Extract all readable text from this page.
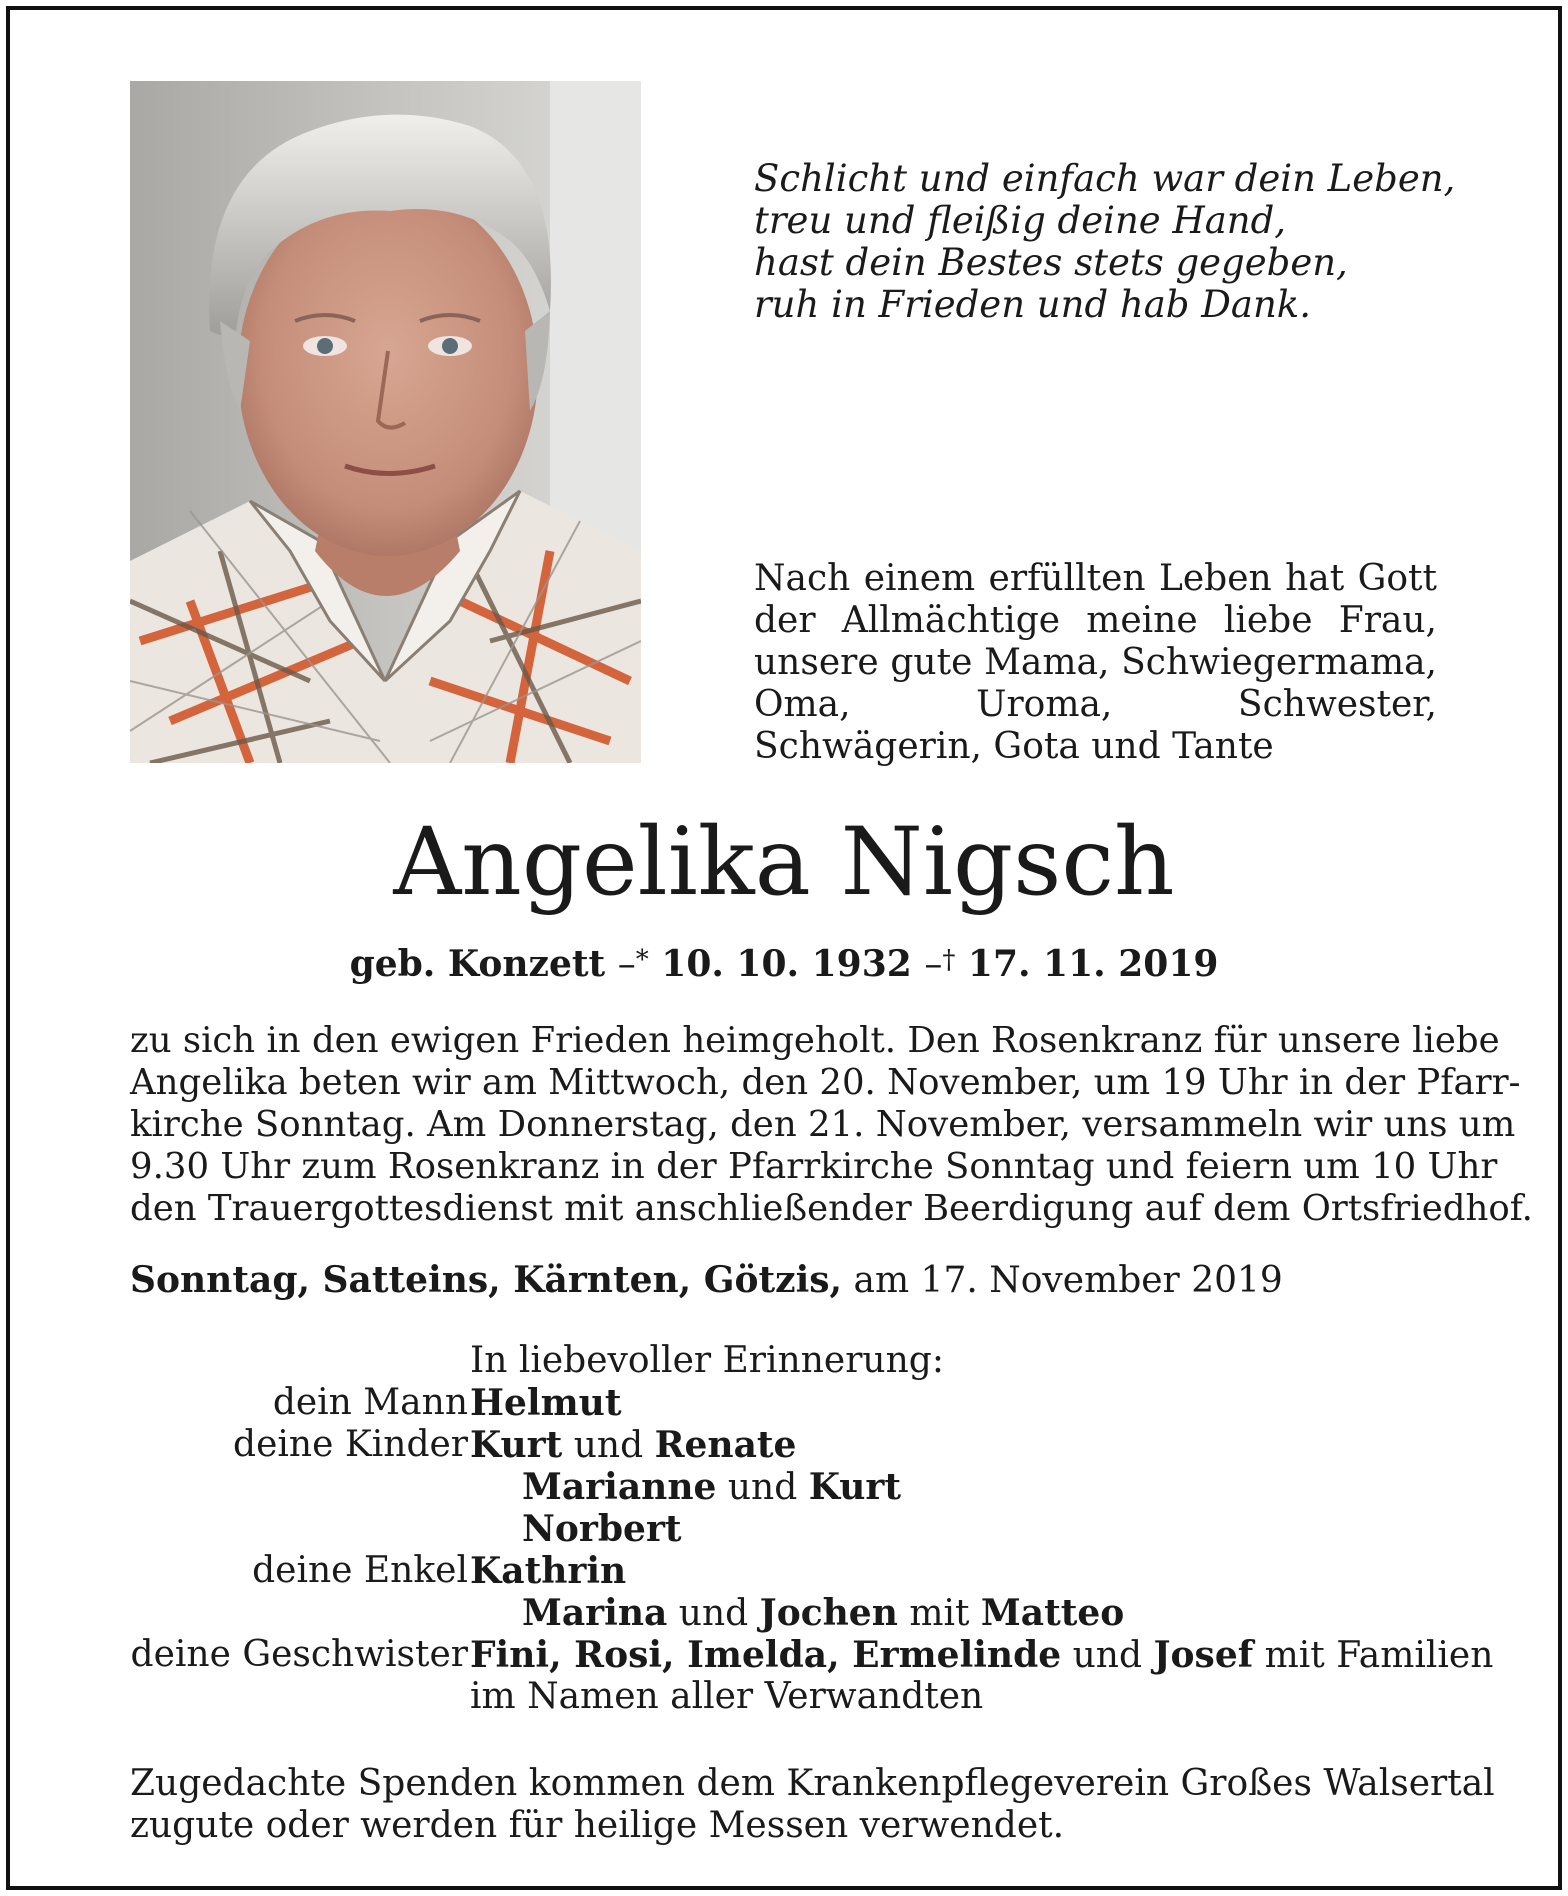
Schlicht und einfach war dein Leben,
treu und fleißig deine Hand,
hast dein Bestes stets gegeben,
ruh in Frieden und hab Dank.
Nach einem erfüllten Leben hat Gott der Allmächtige meine liebe Frau, unsere gute Mama, Schwiegermama, Oma, Uroma, Schwester, Schwägerin, Gota und Tante
Angelika Nigsch
geb. Konzett –* 10. 10. 1932 –† 17. 11. 2019
zu sich in den ewigen Frieden heimgeholt. Den Rosenkranz für unsere liebe
Angelika beten wir am Mittwoch, den 20. November, um 19 Uhr in der Pfarr-
kirche Sonntag. Am Donnerstag, den 21. November, versammeln wir uns um
9.30 Uhr zum Rosenkranz in der Pfarrkirche Sonntag und feiern um 10 Uhr
den Trauergottesdienst mit anschließender Beerdigung auf dem Ortsfriedhof.
Sonntag, Satteins, Kärnten, Götzis, am 17. November 2019
In liebevoller Erinnerung:
dein Mann Helmut
deine Kinder Kurt und Renate
Marianne und Kurt
Norbert
deine Enkel Kathrin
Marina und Jochen mit Matteo
deine Geschwister Fini, Rosi, Imelda, Ermelinde und Josef mit Familien
im Namen aller Verwandten
Zugedachte Spenden kommen dem Krankenpflegeverein Großes Walsertal
zugute oder werden für heilige Messen verwendet.
